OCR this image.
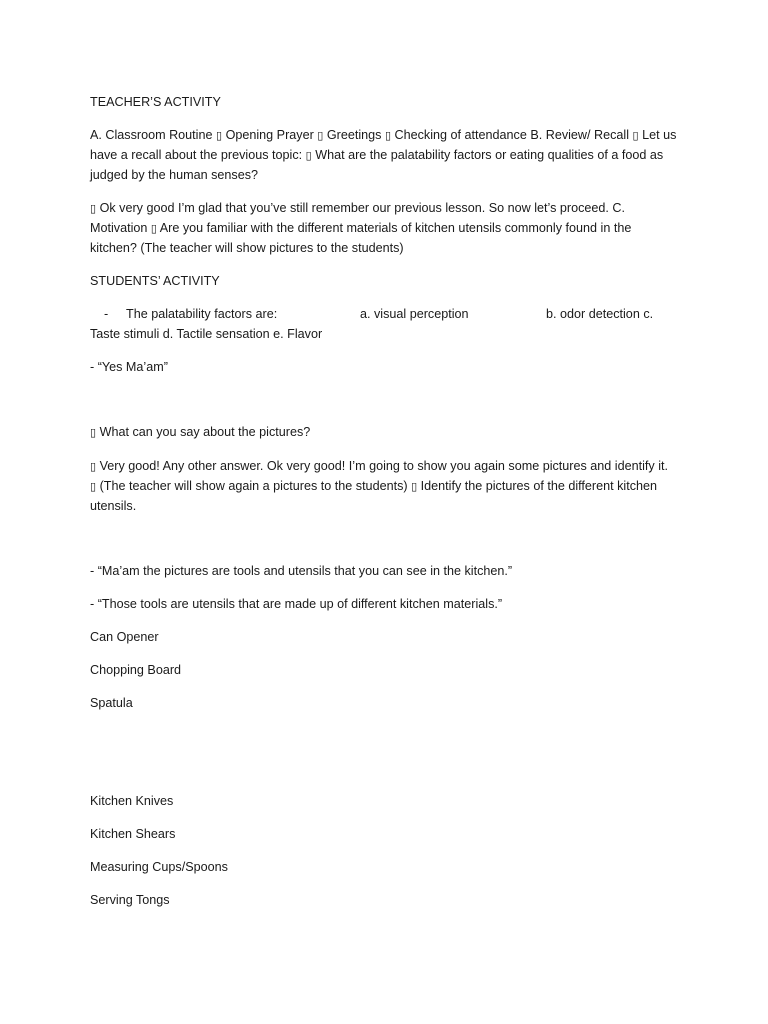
TEACHER’S ACTIVITY

A. Classroom Routine ▯ Opening Prayer ▯ Greetings ▯ Checking of attendance B. Review/ Recall ▯ Let us

have a recall about the previous topic: ▯ What are the palatability factors or eating qualities of a food as

judged by the human senses?

▯ Ok very good I’m glad that you’ve still remember our previous lesson. So now let’s proceed. C.

Motivation ▯ Are you familiar with the different materials of kitchen utensils commonly found in the

kitchen? (The teacher will show pictures to the students)

STUDENTS’ ACTIVITY

- The palatability factors are:	a. visual perception	b. odor detection c.

Taste stimuli d. Tactile sensation e. Flavor

- “Yes Ma’am”

▯ What can you say about the pictures?

▯ Very good! Any other answer. Ok very good! I’m going to show you again some pictures and identify it.

▯ (The teacher will show again a pictures to the students) ▯ Identify the pictures of the different kitchen

utensils.

- “Ma’am the pictures are tools and utensils that you can see in the kitchen.”

- “Those tools are utensils that are made up of different kitchen materials.”

Can Opener

Chopping Board

Spatula

Kitchen Knives

Kitchen Shears

Measuring Cups/Spoons

Serving Tongs
